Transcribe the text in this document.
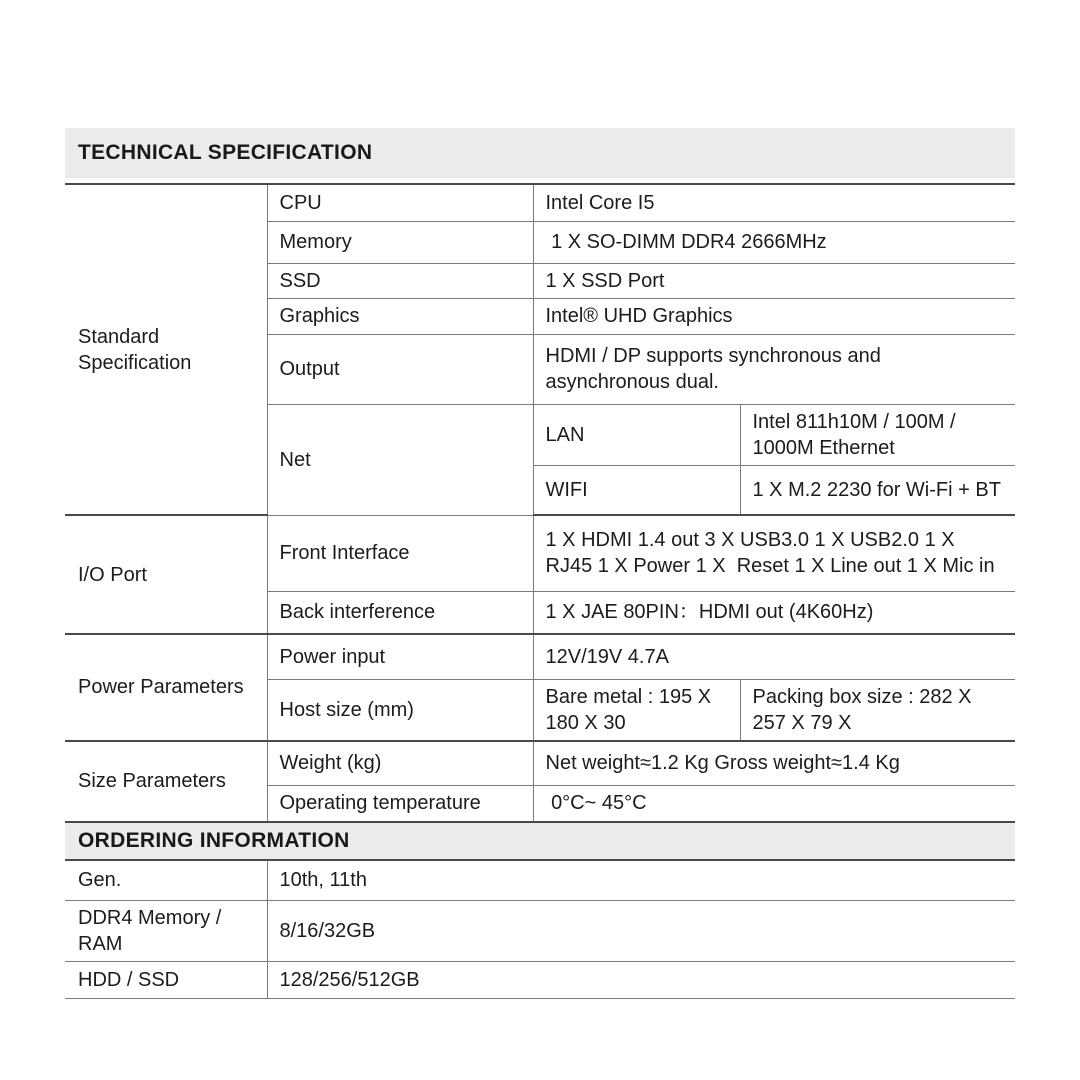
TECHNICAL SPECIFICATION
Standard Specification	CPU	Intel Core I5	
	Memory	1 X SO-DIMM DDR4 2666MHz	
	SSD	1 X SSD Port	
	Graphics	Intel® UHD Graphics	
	Output	HDMI / DP supports synchronous and asynchronous dual.	
	Net	LAN	Intel 811h10M / 100M / 1000M Ethernet
		WIFI	1 X M.2 2230 for Wi-Fi + BT
I/O Port	Front Interface	1 X HDMI 1.4 out 3 X USB3.0 1 X USB2.0 1 X RJ45 1 X Power 1 X  Reset 1 X Line out 1 X Mic in	
	Back interference	1 X JAE 80PIN：HDMI out (4K60Hz)	
Power Parameters	Power input	12V/19V 4.7A	
	Host size (mm)	Bare metal : 195 X 180 X 30	Packing box size : 282 X 257 X 79 X
Size Parameters	Weight (kg)	Net weight≈1.2 Kg Gross weight≈1.4 Kg	
	Operating temperature	0°C~ 45°C	
ORDERING INFORMATION
Gen.	10th, 11th
DDR4 Memory / RAM	8/16/32GB
HDD / SSD	128/256/512GB
